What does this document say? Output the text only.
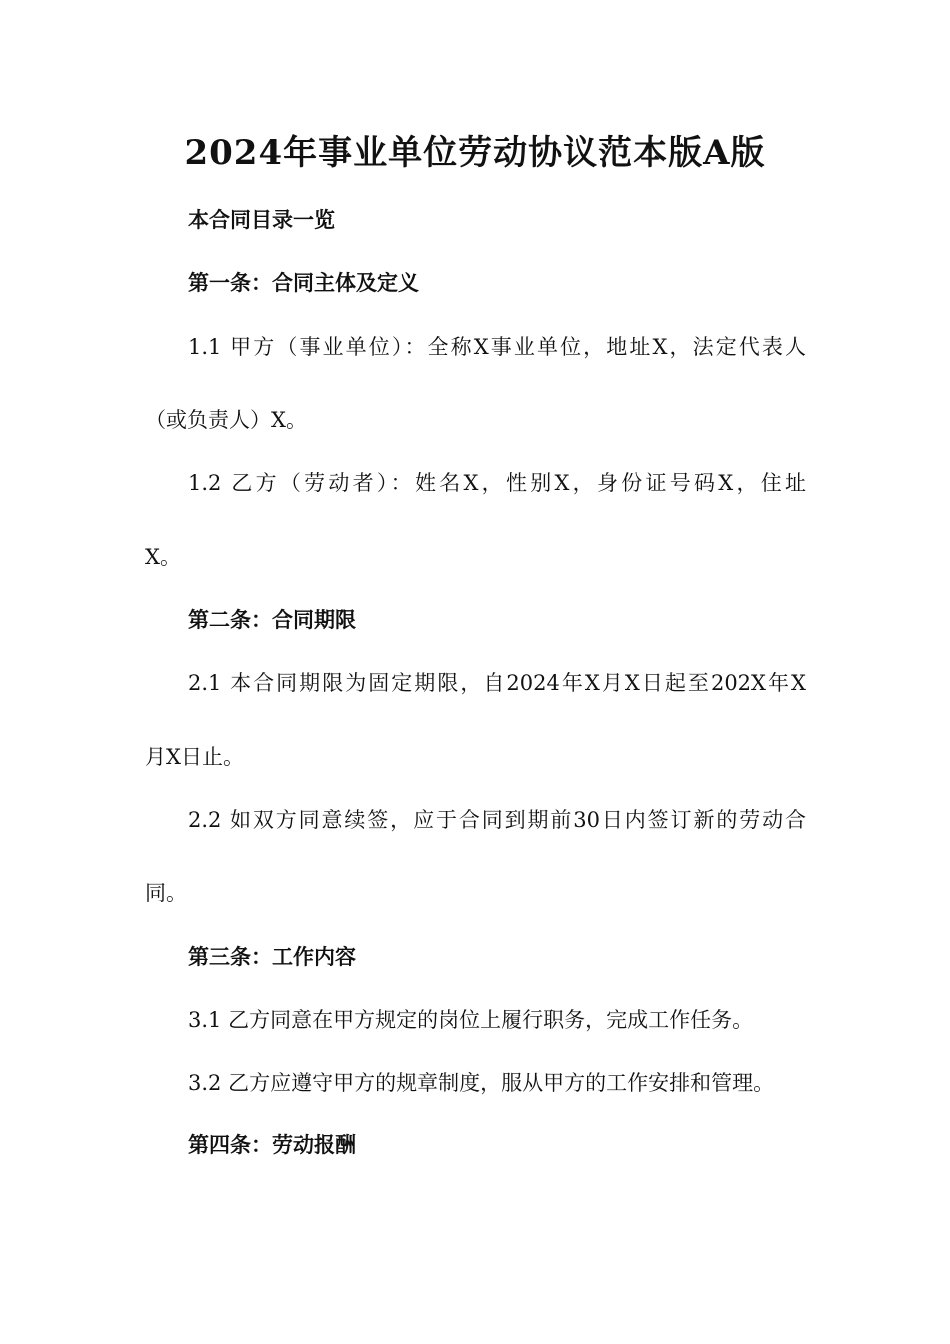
2024年事业单位劳动协议范本版A版

本合同目录一览

第一条：合同主体及定义

1.1 甲方（事业单位）：全称X事业单位，地址X，法定代表人

（或负责人）X。

1.2 乙方（劳动者）：姓名X，性别X，身份证号码X，住址

X。

第二条：合同期限

2.1 本合同期限为固定期限，自2024年X月X日起至202X年X

月X日止。

2.2 如双方同意续签，应于合同到期前30日内签订新的劳动合

同。

第三条：工作内容

3.1 乙方同意在甲方规定的岗位上履行职务，完成工作任务。

3.2 乙方应遵守甲方的规章制度，服从甲方的工作安排和管理。

第四条：劳动报酬
